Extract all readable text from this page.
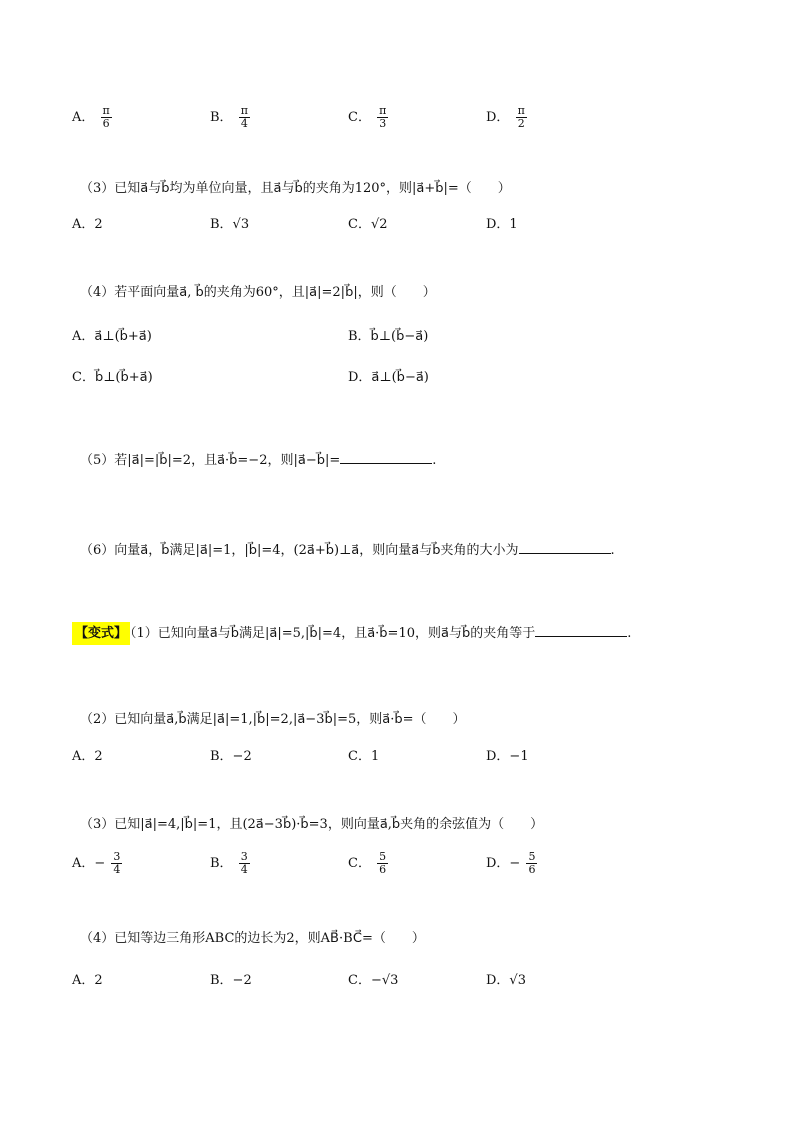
A． $\frac{\pi}{6}$	B． $\frac{\pi}{4}$	C． $\frac{\pi}{3}$	D． $\frac{\pi}{2}$
（3）已知a⃗与b⃗均为单位向量，且a⃗与b⃗的夹角为120°，则|a⃗+b⃗|=（　　）
A．2	B．√3	C．√2	D．1
（4）若平面向量a⃗, b⃗的夹角为60°，且|a⃗|=2|b⃗|，则（　　）
A．a⃗⊥(b⃗+a⃗)	B．b⃗⊥(b⃗−a⃗)
C．b⃗⊥(b⃗+a⃗)	D．a⃗⊥(b⃗−a⃗)
（5）若|a⃗|=|b⃗|=2，且a⃗·b⃗=−2，则|a⃗−b⃗|=	.
（6）向量a⃗，b⃗满足|a⃗|=1，|b⃗|=4，(2a⃗+b⃗)⊥a⃗，则向量a⃗与b⃗夹角的大小为	.
【变式】 （1）已知向量a⃗与b⃗满足|a⃗|=5,|b⃗|=4，且a⃗·b⃗=10，则a⃗与b⃗的夹角等于	.
（2）已知向量a⃗,b⃗满足|a⃗|=1,|b⃗|=2,|a⃗−3b⃗|=5，则a⃗·b⃗=（　　）
A．2	B．−2	C．1	D．−1
（3）已知|a⃗|=4,|b⃗|=1，且(2a⃗−3b⃗)·b⃗=3，则向量a⃗,b⃗夹角的余弦值为（　　）
A．− $\frac{3}{4}$	B． $\frac{3}{4}$	C． $\frac{5}{6}$	D．− $\frac{5}{6}$
（4）已知等边三角形ABC的边长为2，则AB⃗·BC⃗=（　　）
A．2	B．−2	C．−√3	D．√3
